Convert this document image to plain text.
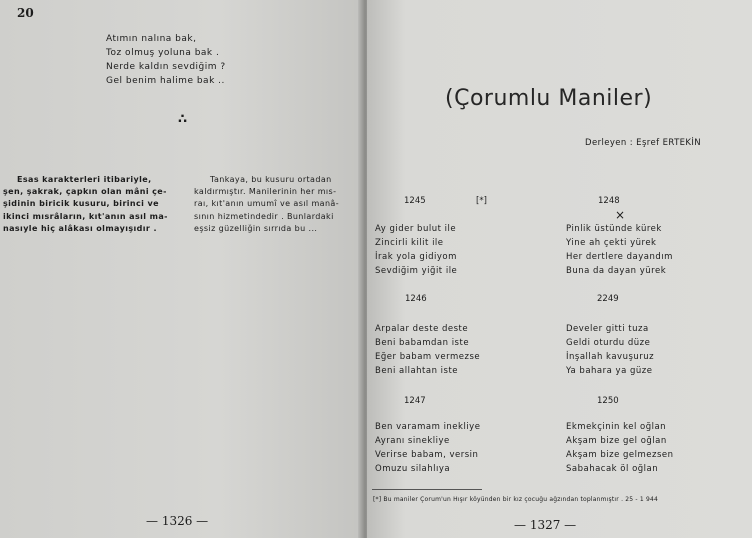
20
Atımın nalına bak,
Toz olmuş yoluna bak .
Nerde kaldın sevdiğim ?
Gel benim halime bak ..
∴
Esas karakterleri itibariyle,
şen, şakrak, çapkın olan mâni çe-
şidinin biricik kusuru, birinci ve
ikinci mısrâların, kıt'anın asıl ma-
nasıyle hiç alâkası olmayışıdır .
Tankaya, bu kusuru ortadan
kaldırmıştır. Manilerinin her mıs-
raı, kıt'anın umumî ve asıl manâ-
sının hizmetindedir . Bunlardaki
eşsiz güzelliğin sırrıda bu ...
— 1326 —
(Çorumlu Maniler)
Derleyen : Eşref ERTEKİN
1245	[*]	1248
×
Ay gider bulut ile
Zincirli kilit ile
İrak yola gidiyom
Sevdiğim yiğit ile
Pinlik üstünde kürek
Yine ah çekti yürek
Her dertlere dayandım
Buna da dayan yürek
1246	2249
Arpalar deste deste
Beni babamdan iste
Eğer babam vermezse
Beni allahtan iste
Develer gitti tuza
Geldi oturdu düze
İnşallah kavuşuruz
Ya bahara ya güze
1247	1250
Ben varamam inekliye
Ayranı sinekliye
Verirse babam, versin
Omuzu silahlıya
Ekmekçinin kel oğlan
Akşam bize gel oğlan
Akşam bize gelmezsen
Sabahacak öl oğlan
[*] Bu maniler Çorum'un Hışır köyünden bir kız çocuğu ağzından toplanmıştır . 25 - 1 944
— 1327 —
